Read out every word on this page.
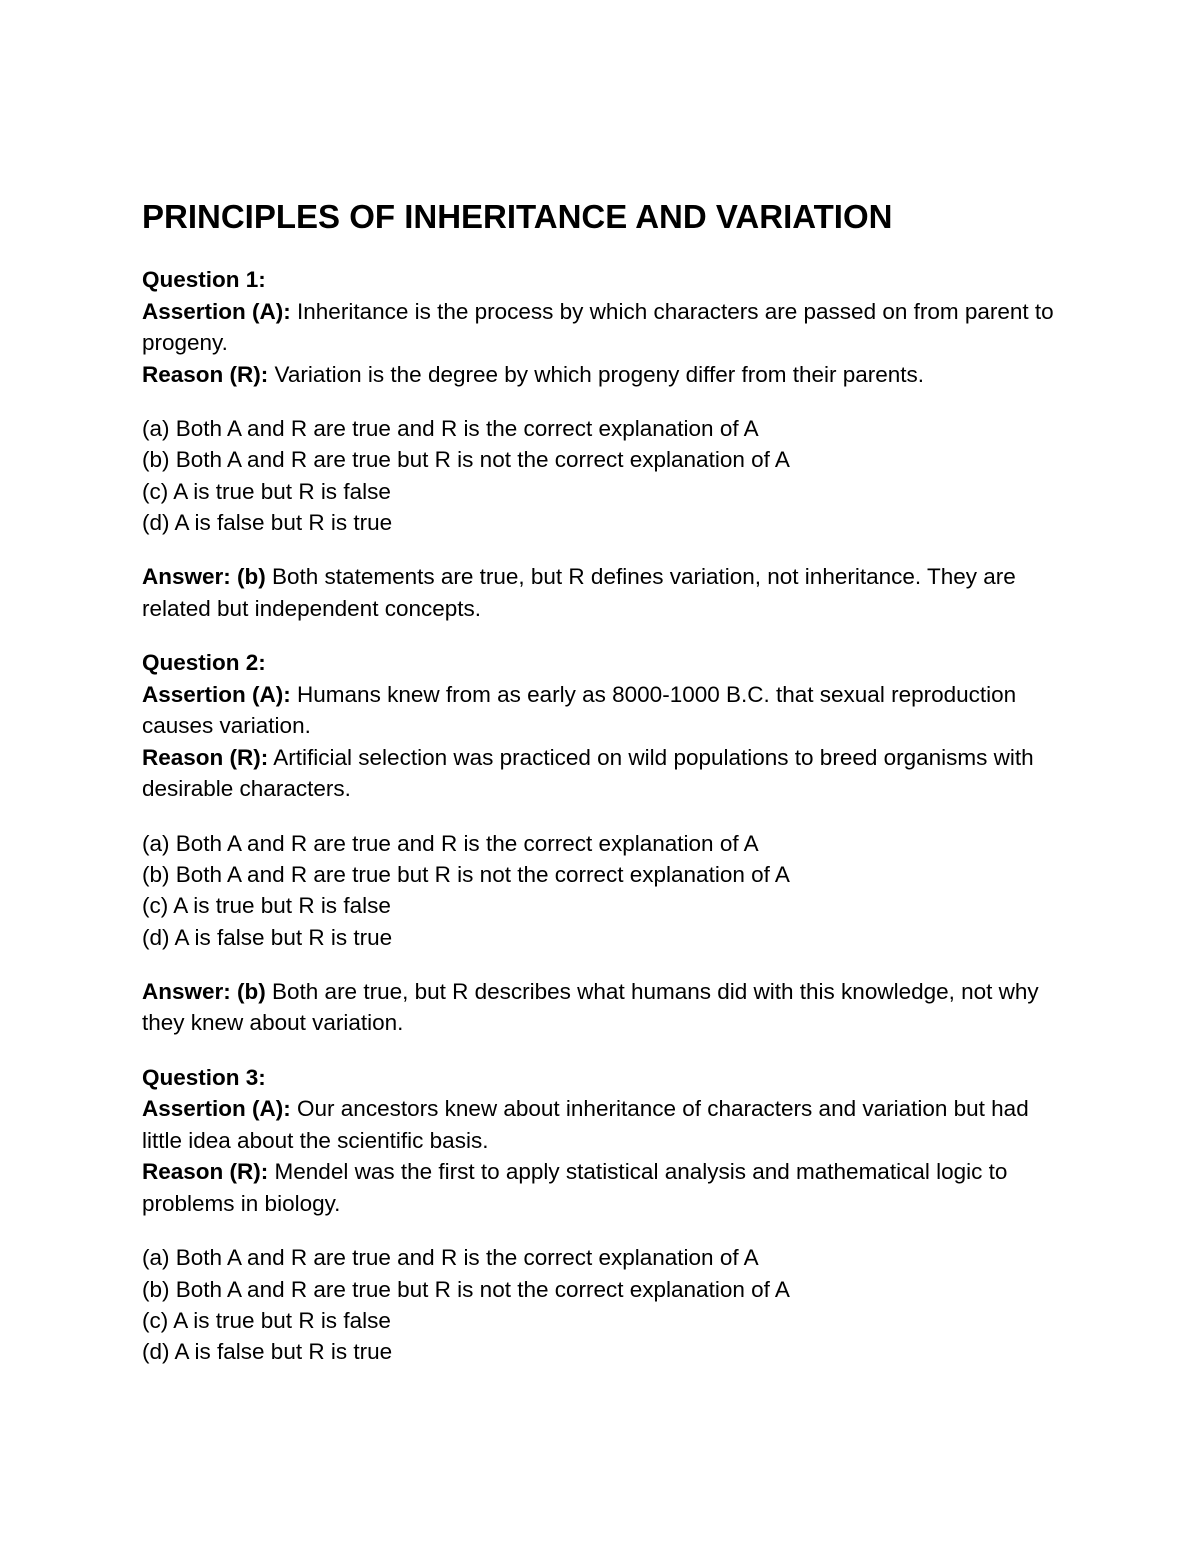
PRINCIPLES OF INHERITANCE AND VARIATION
Question 1:
Assertion (A): Inheritance is the process by which characters are passed on from parent to progeny.
Reason (R): Variation is the degree by which progeny differ from their parents.
(a) Both A and R are true and R is the correct explanation of A
(b) Both A and R are true but R is not the correct explanation of A
(c) A is true but R is false
(d) A is false but R is true
Answer: (b) Both statements are true, but R defines variation, not inheritance. They are related but independent concepts.
Question 2:
Assertion (A): Humans knew from as early as 8000-1000 B.C. that sexual reproduction causes variation.
Reason (R): Artificial selection was practiced on wild populations to breed organisms with desirable characters.
(a) Both A and R are true and R is the correct explanation of A
(b) Both A and R are true but R is not the correct explanation of A
(c) A is true but R is false
(d) A is false but R is true
Answer: (b) Both are true, but R describes what humans did with this knowledge, not why they knew about variation.
Question 3:
Assertion (A): Our ancestors knew about inheritance of characters and variation but had little idea about the scientific basis.
Reason (R): Mendel was the first to apply statistical analysis and mathematical logic to problems in biology.
(a) Both A and R are true and R is the correct explanation of A
(b) Both A and R are true but R is not the correct explanation of A
(c) A is true but R is false
(d) A is false but R is true
